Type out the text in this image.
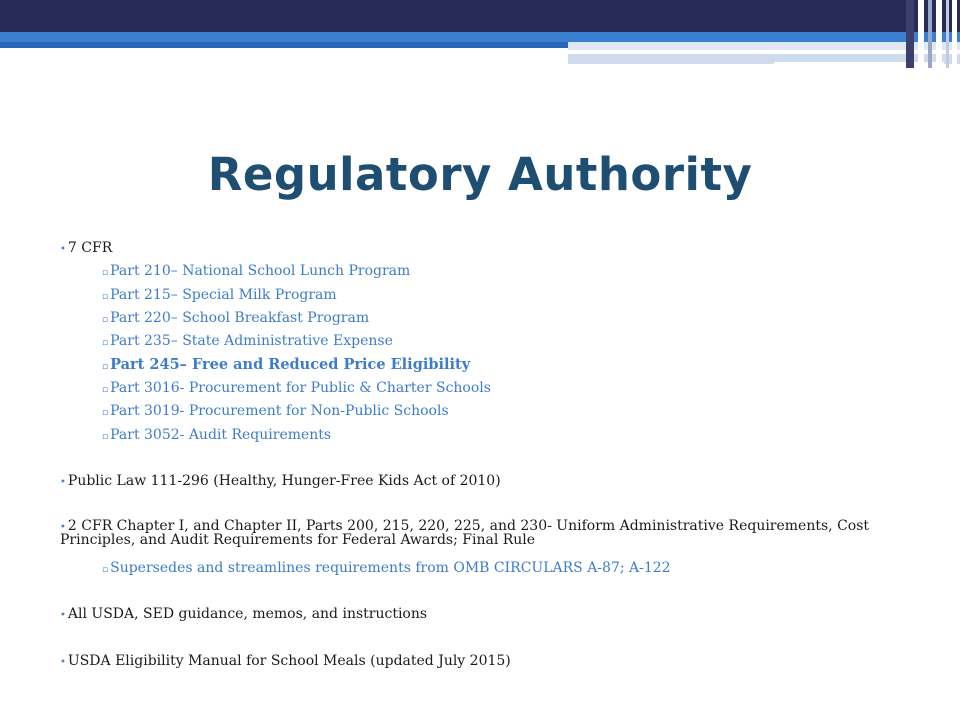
Regulatory Authority
• 7 CFR
▫ Part 210– National School Lunch Program
▫ Part 215– Special Milk Program
▫ Part 220– School Breakfast Program
▫ Part 235– State Administrative Expense
▫ Part 245– Free and Reduced Price Eligibility
▫ Part 3016- Procurement for Public & Charter Schools
▫ Part 3019- Procurement for Non-Public Schools
▫ Part 3052- Audit Requirements
• Public Law 111-296 (Healthy, Hunger-Free Kids Act of 2010)
• 2 CFR Chapter I, and Chapter II, Parts 200, 215, 220, 225, and 230- Uniform Administrative Requirements, Cost Principles, and Audit Requirements for Federal Awards; Final Rule
▫ Supersedes and streamlines requirements from OMB CIRCULARS A-87; A-122
• All USDA, SED guidance, memos, and instructions
• USDA Eligibility Manual for School Meals (updated July 2015)
